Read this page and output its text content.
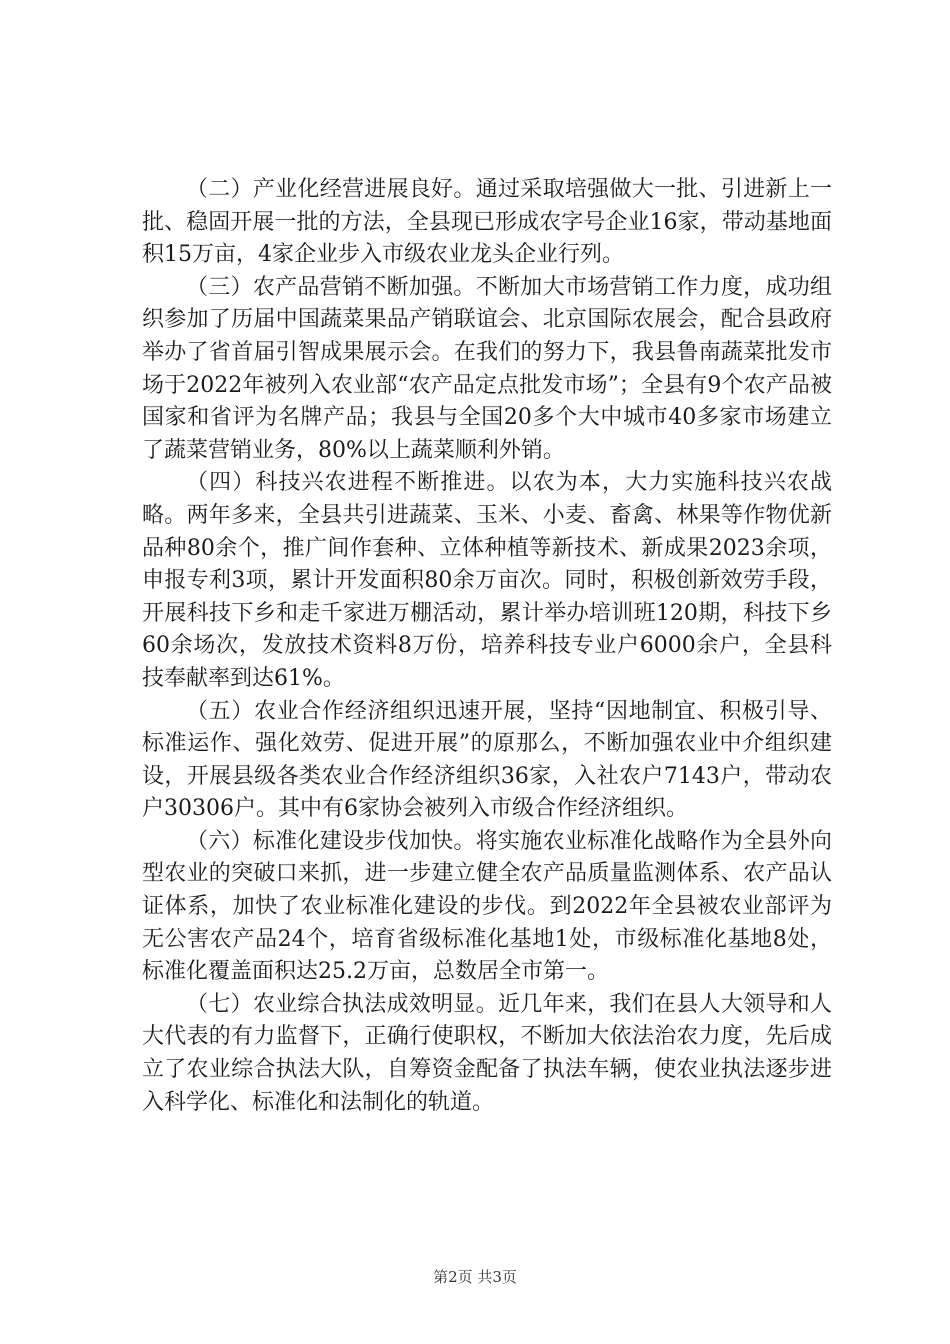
（二）产业化经营进展良好。通过采取培强做大一批、引进新上一批、稳固开展一批的方法，全县现已形成农字号企业16家，带动基地面积15万亩，4家企业步入市级农业龙头企业行列。

（三）农产品营销不断加强。不断加大市场营销工作力度，成功组织参加了历届中国蔬菜果品产销联谊会、北京国际农展会，配合县政府举办了省首届引智成果展示会。在我们的努力下，我县鲁南蔬菜批发市场于2022年被列入农业部“农产品定点批发市场”；全县有9个农产品被国家和省评为名牌产品；我县与全国20多个大中城市40多家市场建立了蔬菜营销业务，80%以上蔬菜顺利外销。

（四）科技兴农进程不断推进。以农为本，大力实施科技兴农战略。两年多来，全县共引进蔬菜、玉米、小麦、畜禽、林果等作物优新品种80余个，推广间作套种、立体种植等新技术、新成果2023余项，申报专利3项，累计开发面积80余万亩次。同时，积极创新效劳手段，开展科技下乡和走千家进万棚活动，累计举办培训班120期，科技下乡60余场次，发放技术资料8万份，培养科技专业户6000余户，全县科技奉献率到达61%。

（五）农业合作经济组织迅速开展，坚持“因地制宜、积极引导、标准运作、强化效劳、促进开展”的原那么，不断加强农业中介组织建设，开展县级各类农业合作经济组织36家，入社农户7143户，带动农户30306户。其中有6家协会被列入市级合作经济组织。

（六）标准化建设步伐加快。将实施农业标准化战略作为全县外向型农业的突破口来抓，进一步建立健全农产品质量监测体系、农产品认证体系，加快了农业标准化建设的步伐。到2022年全县被农业部评为无公害农产品24个，培育省级标准化基地1处，市级标准化基地8处，标准化覆盖面积达25.2万亩，总数居全市第一。

（七）农业综合执法成效明显。近几年来，我们在县人大领导和人大代表的有力监督下，正确行使职权，不断加大依法治农力度，先后成立了农业综合执法大队，自筹资金配备了执法车辆，使农业执法逐步进入科学化、标准化和法制化的轨道。

第2页 共3页
